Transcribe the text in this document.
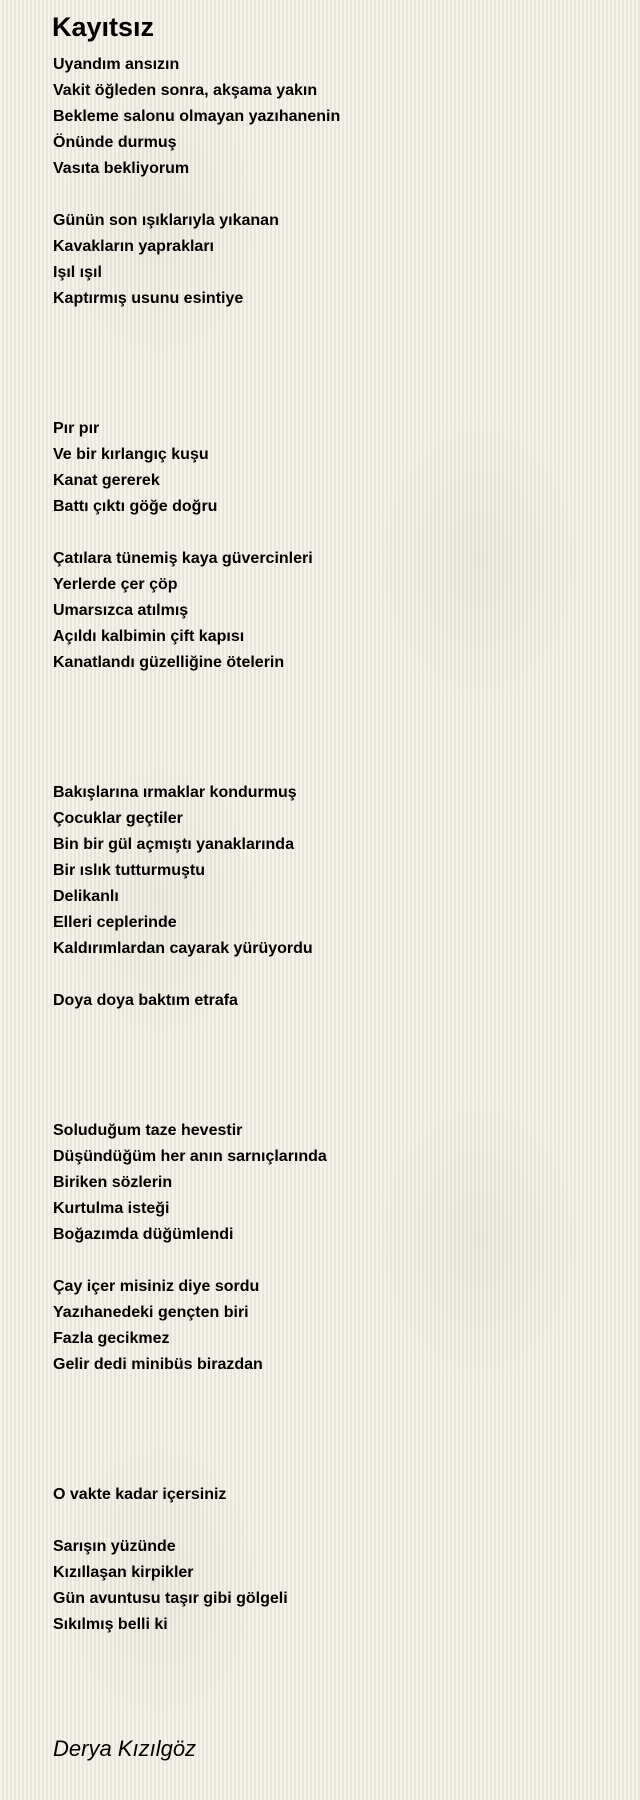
Kayıtsız
Uyandım ansızın
Vakit öğleden sonra, akşama yakın
Bekleme salonu olmayan yazıhanenin
Önünde durmuş
Vasıta bekliyorum
Günün son ışıklarıyla yıkanan
Kavakların yaprakları
Işıl ışıl
Kaptırmış usunu esintiye
Pır pır
Ve bir kırlangıç kuşu
Kanat gererek
Battı çıktı göğe doğru
Çatılara tünemiş kaya güvercinleri
Yerlerde çer çöp
Umarsızca atılmış
Açıldı kalbimin çift kapısı
Kanatlandı güzelliğine ötelerin
Bakışlarına ırmaklar kondurmuş
Çocuklar geçtiler
Bin bir gül açmıştı yanaklarında
Bir ıslık tutturmuştu
Delikanlı
Elleri ceplerinde
Kaldırımlardan cayarak yürüyordu
Doya doya baktım etrafa
Soluduğum taze hevestir
Düşündüğüm her anın sarnıçlarında
Biriken sözlerin
Kurtulma isteği
Boğazımda düğümlendi
Çay içer misiniz diye sordu
Yazıhanedeki gençten biri
Fazla gecikmez
Gelir dedi minibüs birazdan
O vakte kadar içersiniz
Sarışın yüzünde
Kızıllaşan kirpikler
Gün avuntusu taşır gibi gölgeli
Sıkılmış belli ki
Derya Kızılgöz
